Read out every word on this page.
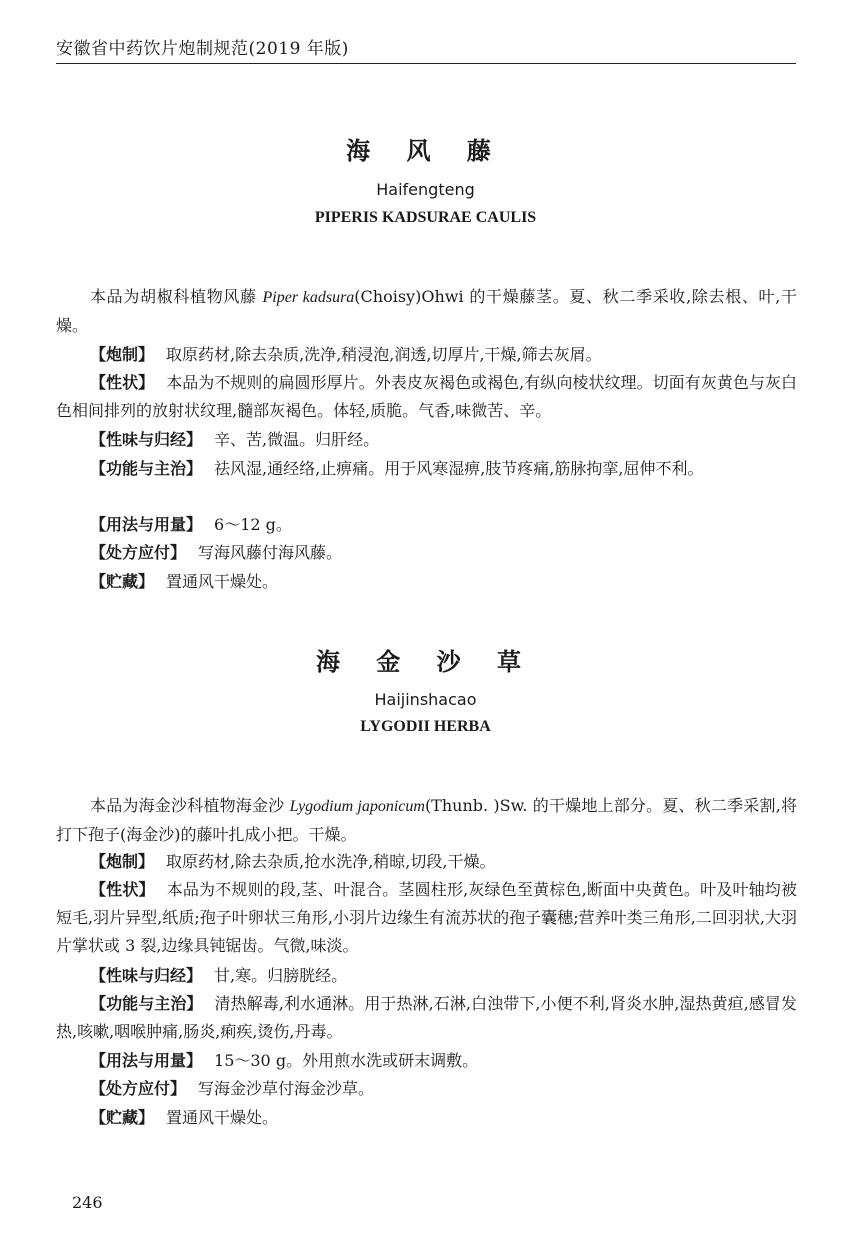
安徽省中药饮片炮制规范(2019 年版)
海 风 藤
Haifengteng
PIPERIS KADSURAE CAULIS

本品为胡椒科植物风藤 Piper kadsura(Choisy)Ohwi 的干燥藤茎。夏、秋二季采收,除去根、叶,干燥。

【炮制】 取原药材,除去杂质,洗净,稍浸泡,润透,切厚片,干燥,筛去灰屑。

【性状】 本品为不规则的扁圆形厚片。外表皮灰褐色或褐色,有纵向棱状纹理。切面有灰黄色与灰白色相间排列的放射状纹理,髓部灰褐色。体轻,质脆。气香,味微苦、辛。

【性味与归经】 辛、苦,微温。归肝经。

【功能与主治】 祛风湿,通经络,止痹痛。用于风寒湿痹,肢节疼痛,筋脉拘挛,屈伸不利。

【用法与用量】 6～12 g。

【处方应付】 写海风藤付海风藤。

【贮藏】 置通风干燥处。

海 金 沙 草
Haijinshacao
LYGODII HERBA

本品为海金沙科植物海金沙 Lygodium japonicum(Thunb. )Sw. 的干燥地上部分。夏、秋二季采割,将打下孢子(海金沙)的藤叶扎成小把。干燥。

【炮制】 取原药材,除去杂质,抢水洗净,稍晾,切段,干燥。

【性状】 本品为不规则的段,茎、叶混合。茎圆柱形,灰绿色至黄棕色,断面中央黄色。叶及叶轴均被短毛,羽片异型,纸质;孢子叶卵状三角形,小羽片边缘生有流苏状的孢子囊穗;营养叶类三角形,二回羽状,大羽片掌状或 3 裂,边缘具钝锯齿。气微,味淡。

【性味与归经】 甘,寒。归膀胱经。

【功能与主治】 清热解毒,利水通淋。用于热淋,石淋,白浊带下,小便不利,肾炎水肿,湿热黄疸,感冒发热,咳嗽,咽喉肿痛,肠炎,痢疾,烫伤,丹毒。

【用法与用量】 15～30 g。外用煎水洗或研末调敷。

【处方应付】 写海金沙草付海金沙草。

【贮藏】 置通风干燥处。

246
